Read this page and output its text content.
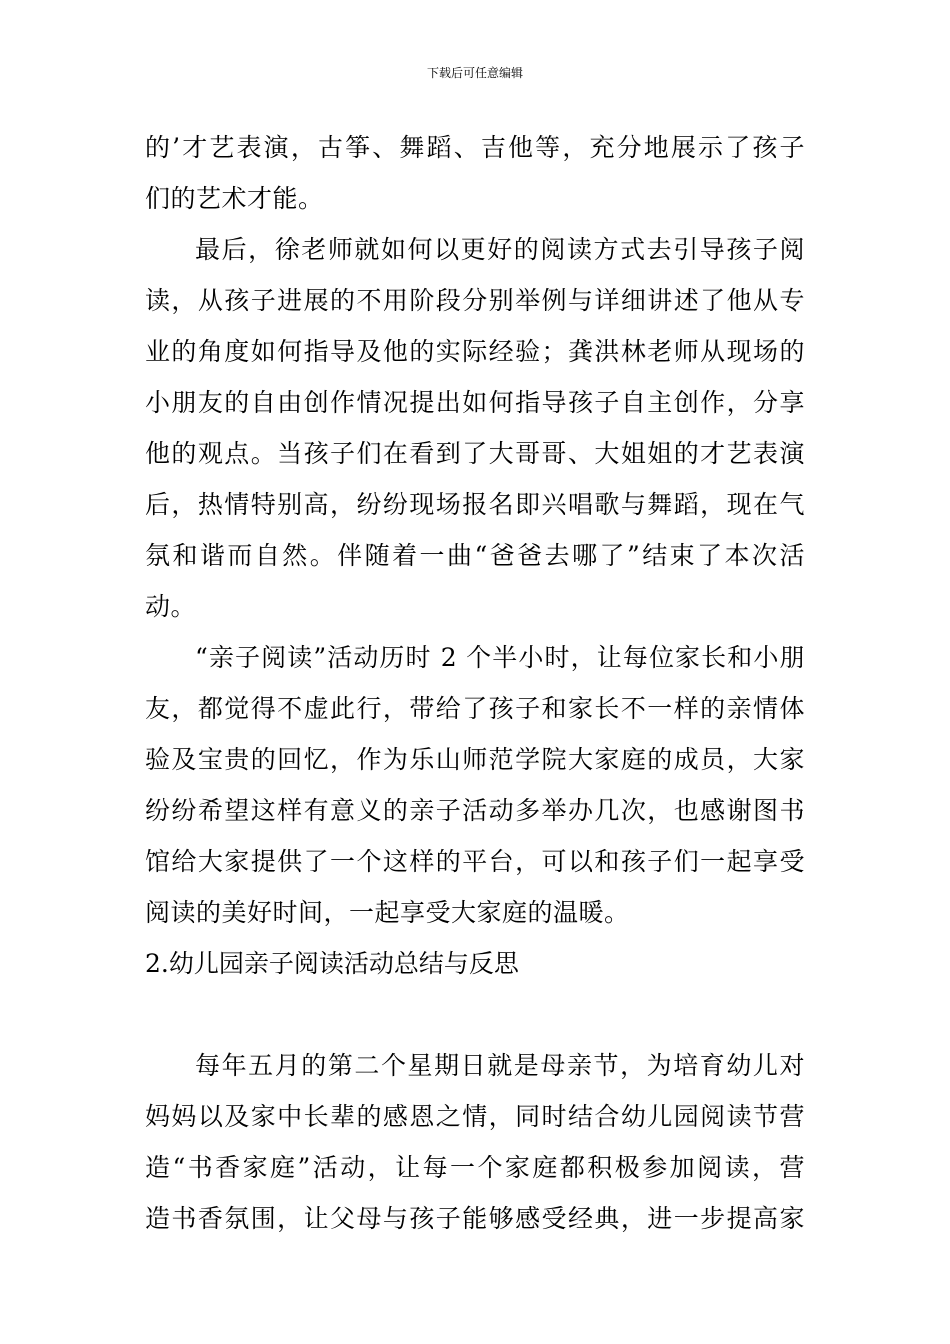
下载后可任意编辑
的’才艺表演，古筝、舞蹈、吉他等，充分地展示了孩子
们的艺术才能。
最后，徐老师就如何以更好的阅读方式去引导孩子阅
读，从孩子进展的不用阶段分别举例与详细讲述了他从专
业的角度如何指导及他的实际经验；龚洪林老师从现场的
小朋友的自由创作情况提出如何指导孩子自主创作，分享
他的观点。当孩子们在看到了大哥哥、大姐姐的才艺表演
后，热情特别高，纷纷现场报名即兴唱歌与舞蹈，现在气
氛和谐而自然。伴随着一曲“爸爸去哪了”结束了本次活
动。
“亲子阅读”活动历时 2 个半小时，让每位家长和小朋
友，都觉得不虚此行，带给了孩子和家长不一样的亲情体
验及宝贵的回忆，作为乐山师范学院大家庭的成员，大家
纷纷希望这样有意义的亲子活动多举办几次，也感谢图书
馆给大家提供了一个这样的平台，可以和孩子们一起享受
阅读的美好时间，一起享受大家庭的温暖。
2.幼儿园亲子阅读活动总结与反思
每年五月的第二个星期日就是母亲节，为培育幼儿对
妈妈以及家中长辈的感恩之情，同时结合幼儿园阅读节营
造“书香家庭”活动，让每一个家庭都积极参加阅读，营
造书香氛围，让父母与孩子能够感受经典，进一步提高家
